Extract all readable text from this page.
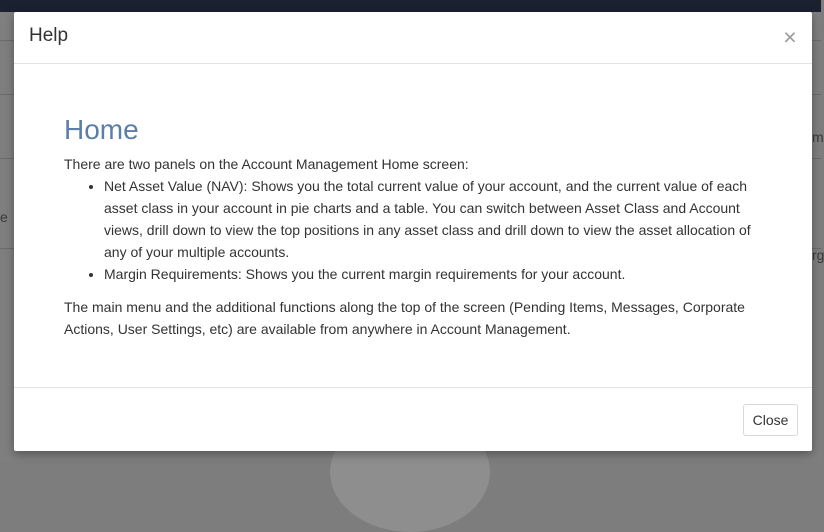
m
e
rg
Help	×
Home

There are two panels on the Account Management Home screen:

• Net Asset Value (NAV): Shows you the total current value of your account, and the current value of each asset class in your account in pie charts and a table. You can switch between Asset Class and Account views, drill down to view the top positions in any asset class and drill down to view the asset allocation of any of your multiple accounts.
• Margin Requirements: Shows you the current margin requirements for your account.

The main menu and the additional functions along the top of the screen (Pending Items, Messages, Corporate Actions, User Settings, etc) are available from anywhere in Account Management.

Close
